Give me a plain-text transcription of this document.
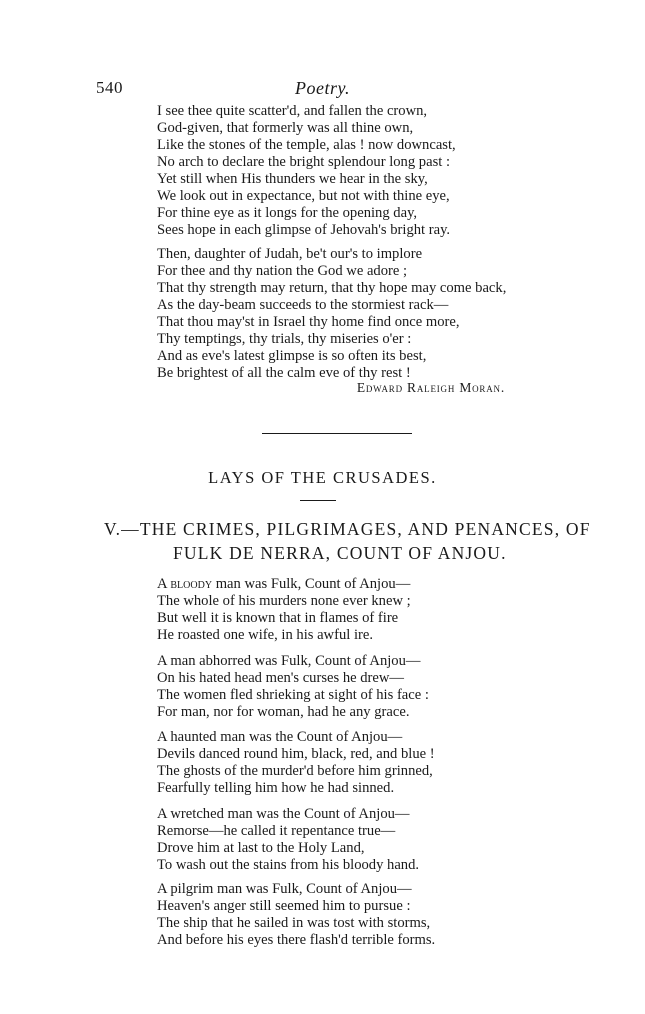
540	Poetry.
I see thee quite scatter'd, and fallen the crown,
God-given, that formerly was all thine own,
Like the stones of the temple, alas ! now downcast,
No arch to declare the bright splendour long past :
Yet still when His thunders we hear in the sky,
We look out in expectance, but not with thine eye,
For thine eye as it longs for the opening day,
Sees hope in each glimpse of Jehovah's bright ray.
Then, daughter of Judah, be't our's to implore
For thee and thy nation the God we adore ;
That thy strength may return, that thy hope may come back,
As the day-beam succeeds to the stormiest rack—
That thou may'st in Israel thy home find once more,
Thy temptings, thy trials, thy miseries o'er :
And as eve's latest glimpse is so often its best,
Be brightest of all the calm eve of thy rest !
Edward Raleigh Moran.
LAYS OF THE CRUSADES.
V.—THE CRIMES, PILGRIMAGES, AND PENANCES, OF
FULK DE NERRA, COUNT OF ANJOU.
A bloody man was Fulk, Count of Anjou—
The whole of his murders none ever knew ;
But well it is known that in flames of fire
He roasted one wife, in his awful ire.
A man abhorred was Fulk, Count of Anjou—
On his hated head men's curses he drew—
The women fled shrieking at sight of his face :
For man, nor for woman, had he any grace.
A haunted man was the Count of Anjou—
Devils danced round him, black, red, and blue !
The ghosts of the murder'd before him grinned,
Fearfully telling him how he had sinned.
A wretched man was the Count of Anjou—
Remorse—he called it repentance true—
Drove him at last to the Holy Land,
To wash out the stains from his bloody hand.
A pilgrim man was Fulk, Count of Anjou—
Heaven's anger still seemed him to pursue :
The ship that he sailed in was tost with storms,
And before his eyes there flash'd terrible forms.
